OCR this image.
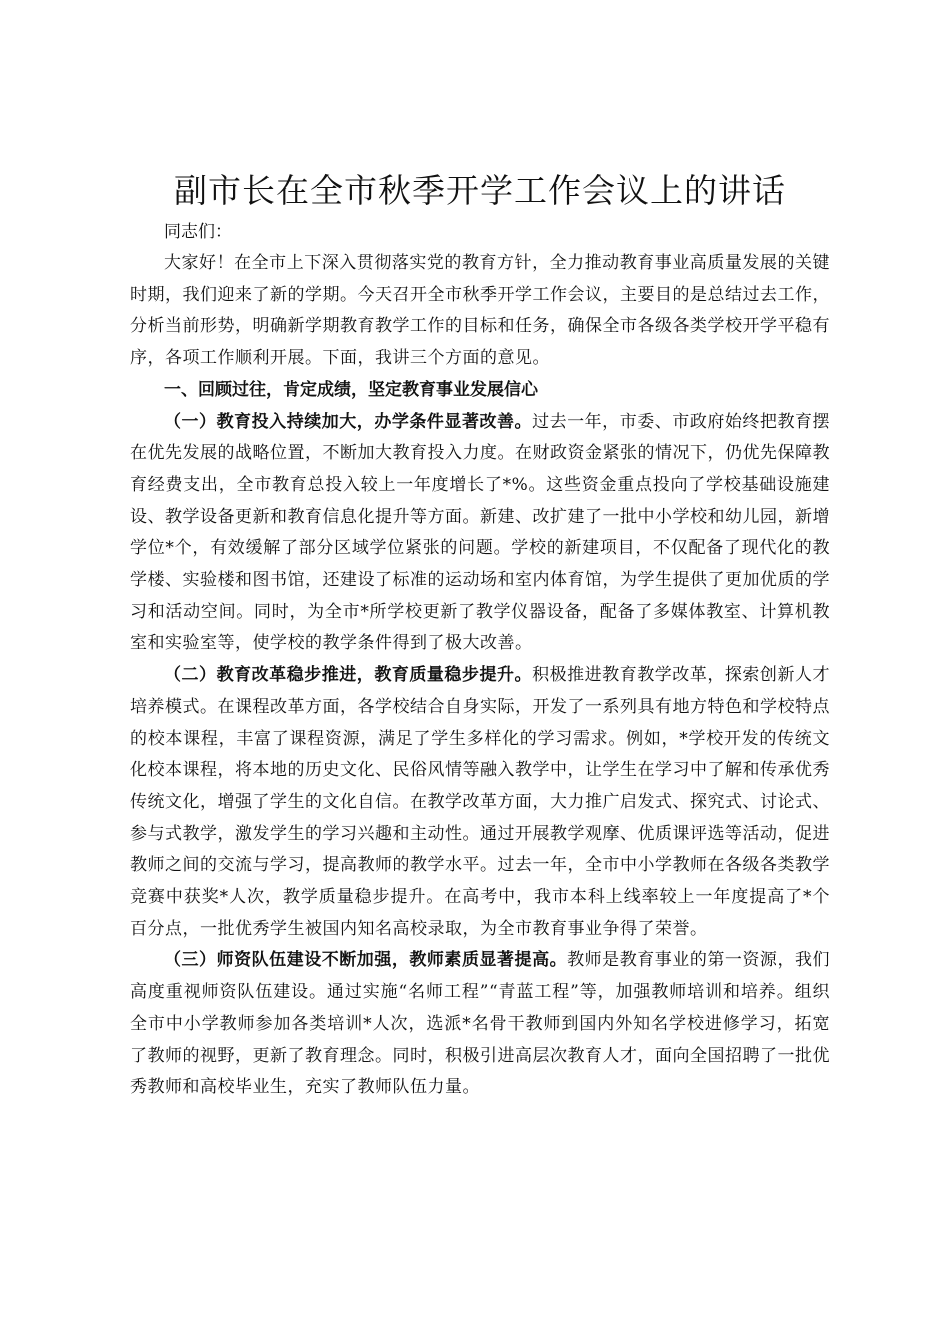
副市长在全市秋季开学工作会议上的讲话

同志们：

大家好！在全市上下深入贯彻落实党的教育方针，全力推动教育事业高质量发展的关键时期，我们迎来了新的学期。今天召开全市秋季开学工作会议，主要目的是总结过去工作，分析当前形势，明确新学期教育教学工作的目标和任务，确保全市各级各类学校开学平稳有序，各项工作顺利开展。下面，我讲三个方面的意见。

一、回顾过往，肯定成绩，坚定教育事业发展信心

（一）教育投入持续加大，办学条件显著改善。过去一年，市委、市政府始终把教育摆在优先发展的战略位置，不断加大教育投入力度。在财政资金紧张的情况下，仍优先保障教育经费支出，全市教育总投入较上一年度增长了*%。这些资金重点投向了学校基础设施建设、教学设备更新和教育信息化提升等方面。新建、改扩建了一批中小学校和幼儿园，新增学位*个，有效缓解了部分区域学位紧张的问题。学校的新建项目，不仅配备了现代化的教学楼、实验楼和图书馆，还建设了标准的运动场和室内体育馆，为学生提供了更加优质的学习和活动空间。同时，为全市*所学校更新了教学仪器设备，配备了多媒体教室、计算机教室和实验室等，使学校的教学条件得到了极大改善。

（二）教育改革稳步推进，教育质量稳步提升。积极推进教育教学改革，探索创新人才培养模式。在课程改革方面，各学校结合自身实际，开发了一系列具有地方特色和学校特点的校本课程，丰富了课程资源，满足了学生多样化的学习需求。例如，*学校开发的传统文化校本课程，将本地的历史文化、民俗风情等融入教学中，让学生在学习中了解和传承优秀传统文化，增强了学生的文化自信。在教学改革方面，大力推广启发式、探究式、讨论式、参与式教学，激发学生的学习兴趣和主动性。通过开展教学观摩、优质课评选等活动，促进教师之间的交流与学习，提高教师的教学水平。过去一年，全市中小学教师在各级各类教学竞赛中获奖*人次，教学质量稳步提升。在高考中，我市本科上线率较上一年度提高了*个百分点，一批优秀学生被国内知名高校录取，为全市教育事业争得了荣誉。

（三）师资队伍建设不断加强，教师素质显著提高。教师是教育事业的第一资源，我们高度重视师资队伍建设。通过实施“名师工程”“青蓝工程”等，加强教师培训和培养。组织全市中小学教师参加各类培训*人次，选派*名骨干教师到国内外知名学校进修学习，拓宽了教师的视野，更新了教育理念。同时，积极引进高层次教育人才，面向全国招聘了一批优秀教师和高校毕业生，充实了教师队伍力量。
